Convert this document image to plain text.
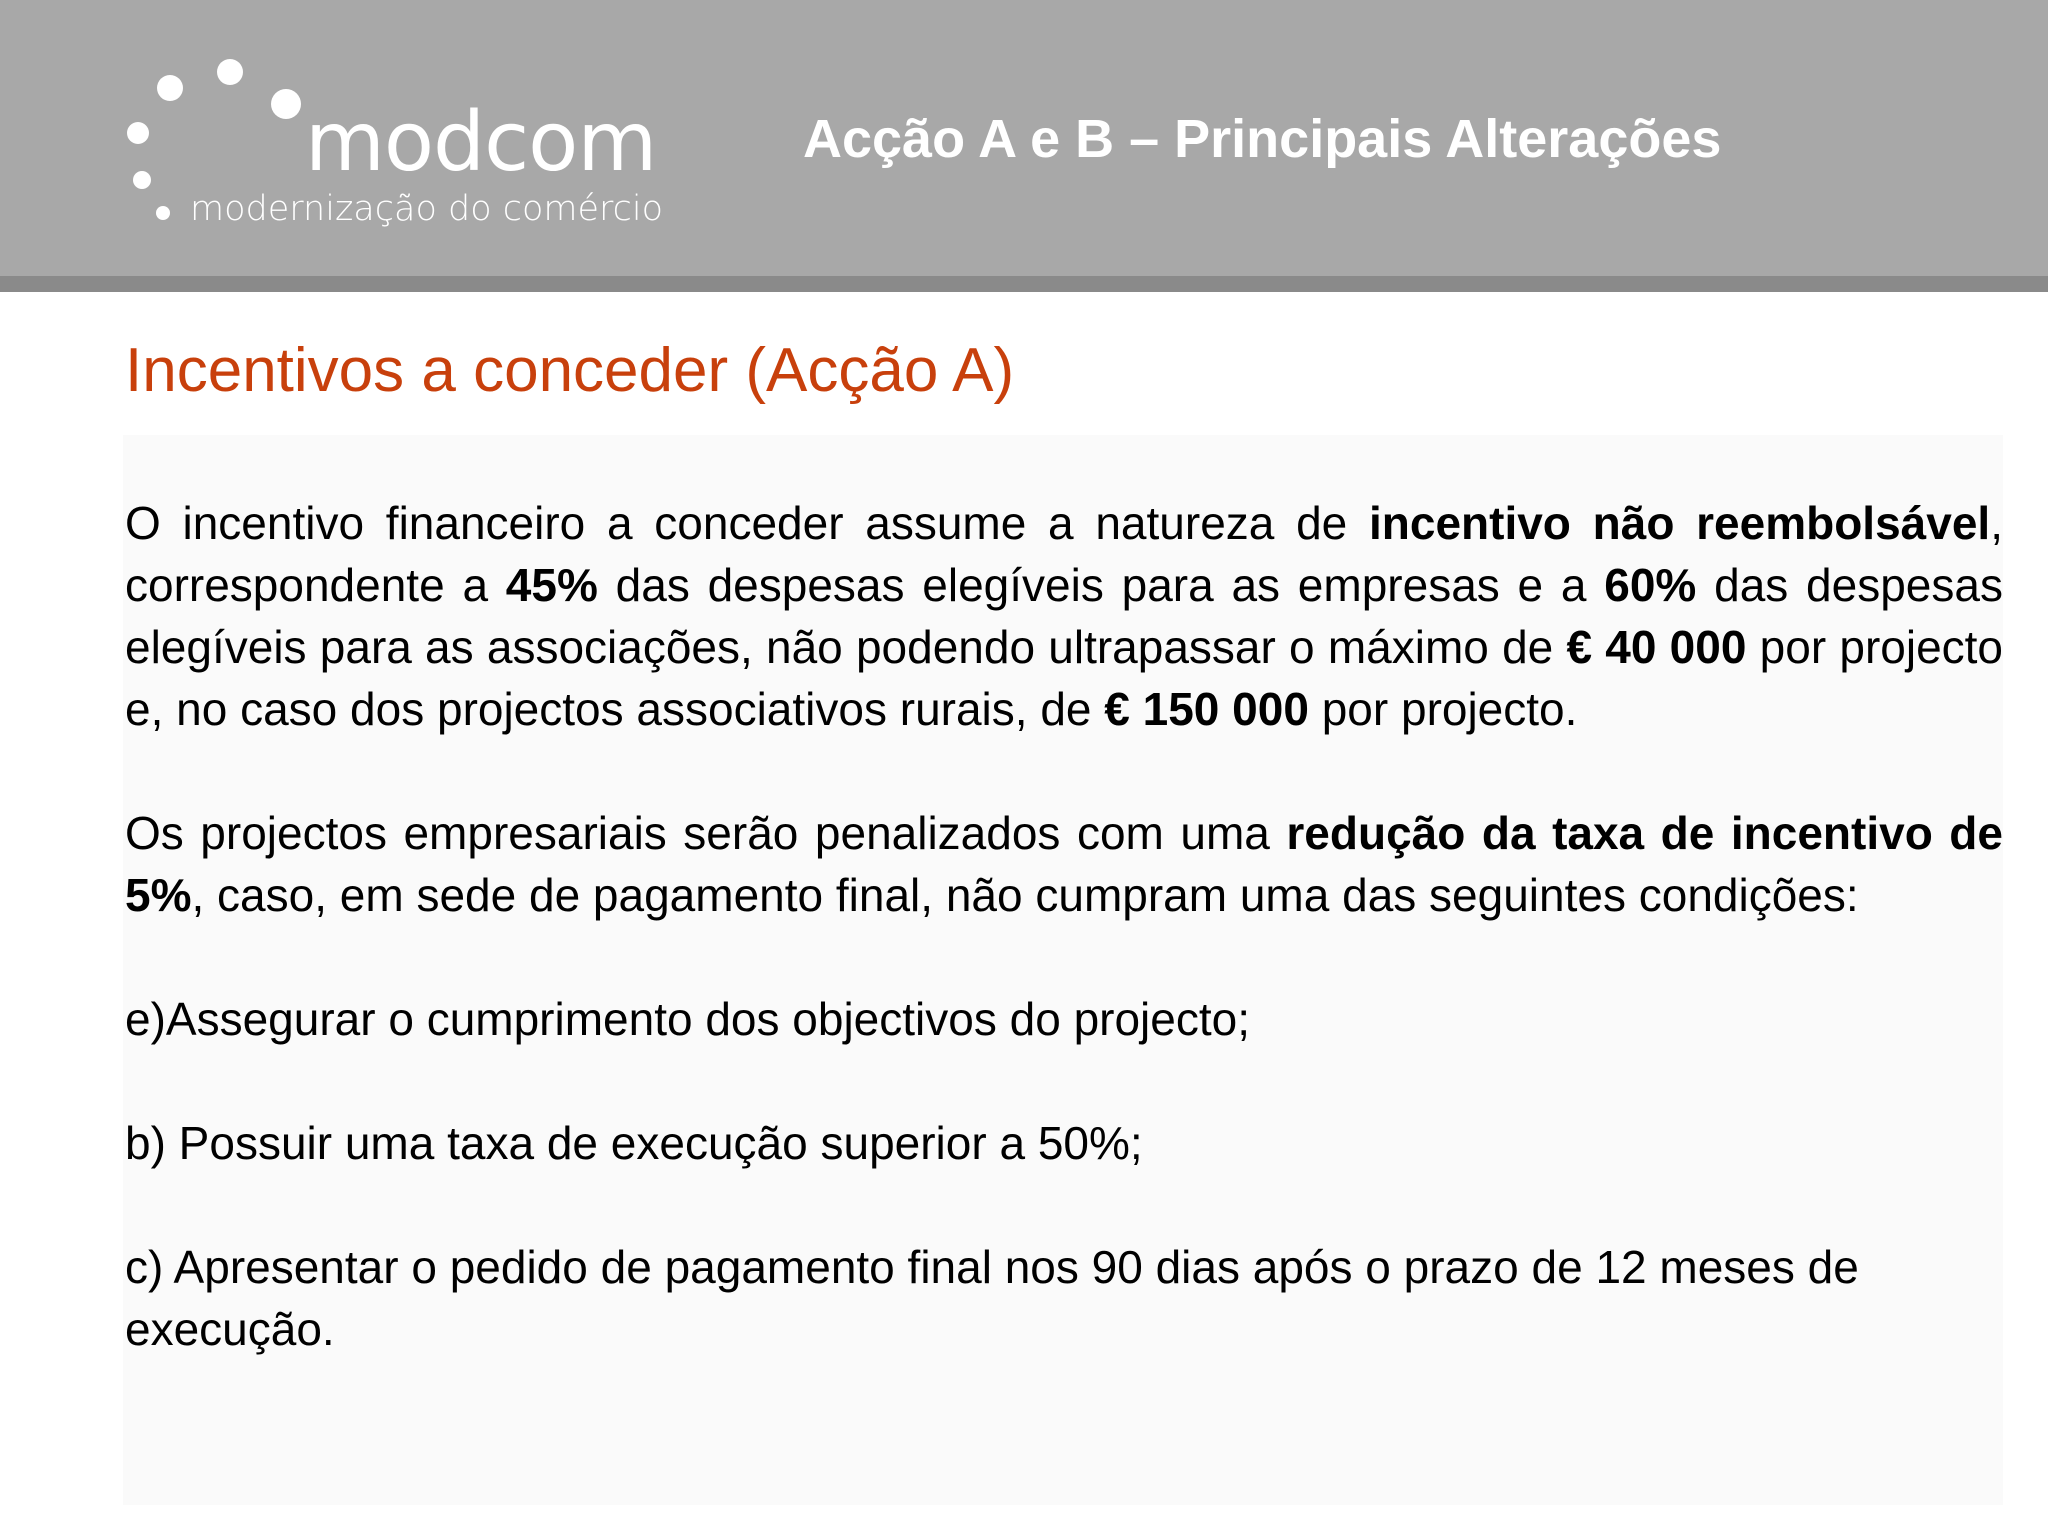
modcom
modernização do comércio
Acção A e B – Principais Alterações
Incentivos a conceder (Acção A)

O incentivo financeiro a conceder assume a natureza de incentivo não reembolsável, correspondente a 45% das despesas elegíveis para as empresas e a 60% das despesas elegíveis para as associações, não podendo ultrapassar o máximo de € 40 000 por projecto e, no caso dos projectos associativos rurais, de € 150 000 por projecto.

Os projectos empresariais serão penalizados com uma redução da taxa de incentivo de 5%, caso, em sede de pagamento final, não cumpram uma das seguintes condições:

e)Assegurar o cumprimento dos objectivos do projecto;

b) Possuir uma taxa de execução superior a 50%;

c) Apresentar o pedido de pagamento final nos 90 dias após o prazo de 12 meses de execução.
